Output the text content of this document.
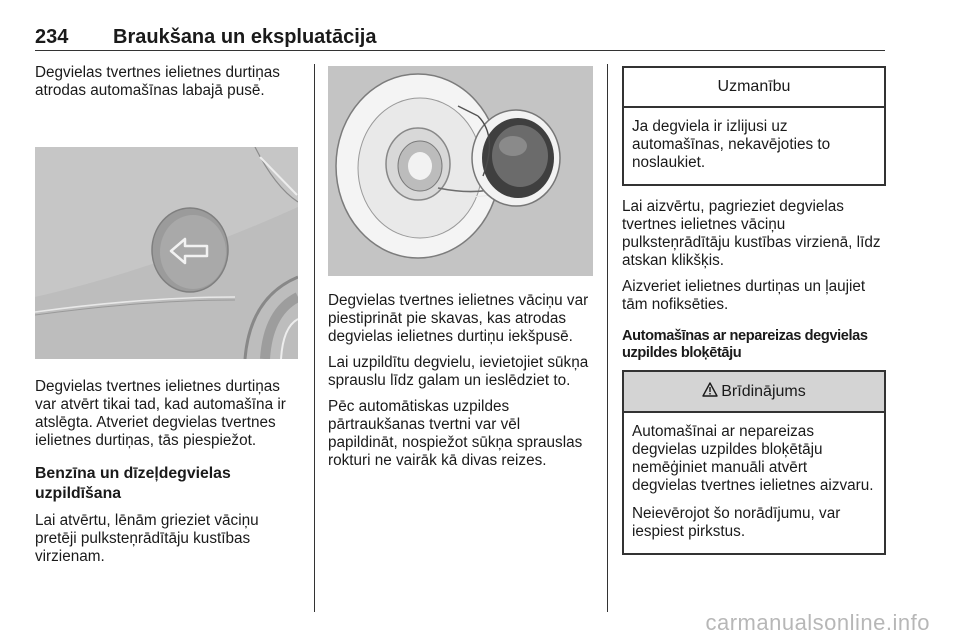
234 Braukšana un ekspluatācija

Degvielas tvertnes ielietnes durtiņas atrodas automašīnas labajā pusē.

Degvielas tvertnes ielietnes durtiņas var atvērt tikai tad, kad automašīna ir atslēgta. Atveriet degvielas tvertnes ielietnes durtiņas, tās piespiežot.

Benzīna un dīzeļdegvielas uzpildīšana

Lai atvērtu, lēnām grieziet vāciņu pretēji pulksteņrādītāju kustības virzienam.

Degvielas tvertnes ielietnes vāciņu var piestiprināt pie skavas, kas atrodas degvielas ielietnes durtiņu iekšpusē.

Lai uzpildītu degvielu, ievietojiet sūkņa sprauslu līdz galam un ieslēdziet to.

Pēc automātiskas uzpildes pārtraukšanas tvertni var vēl papildināt, nospiežot sūkņa sprauslas rokturi ne vairāk kā divas reizes.

Uzmanību

Ja degviela ir izlijusi uz automašīnas, nekavējoties to noslaukiet.

Lai aizvērtu, pagrieziet degvielas tvertnes ielietnes vāciņu pulksteņrādītāju kustības virzienā, līdz atskan klikšķis.

Aizveriet ielietnes durtiņas un ļaujiet tām nofiksēties.

Automašīnas ar nepareizas degvielas uzpildes bloķētāju
Brīdinājums

Automašīnai ar nepareizas degvielas uzpildes bloķētāju nemēģiniet manuāli atvērt degvielas tvertnes ielietnes aizvaru.

Neievērojot šo norādījumu, var iespiest pirkstus.

carmanualsonline.info
